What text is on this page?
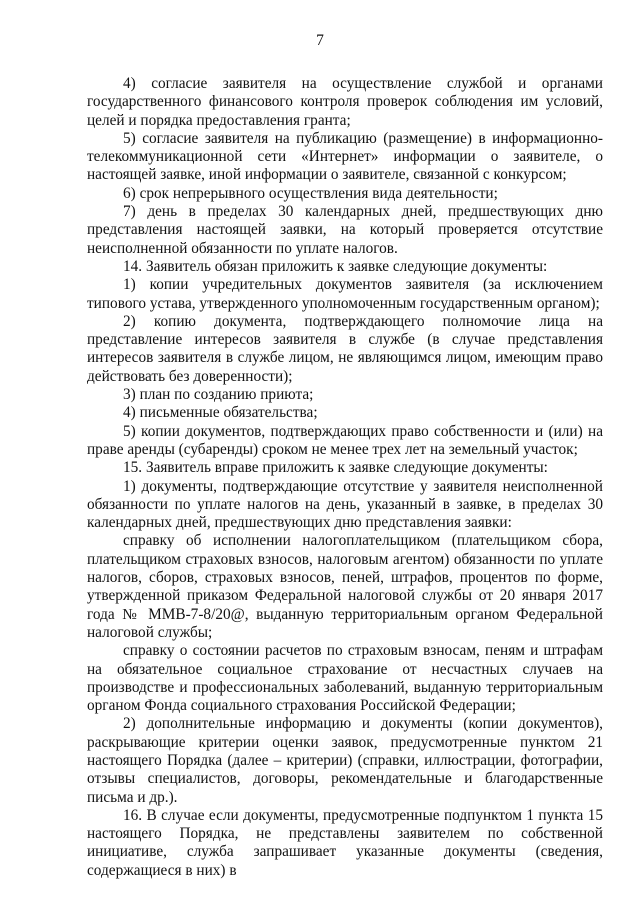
7

4) согласие заявителя на осуществление службой и органами государственного финансового контроля проверок соблюдения им условий, целей и порядка предоставления гранта;

5) согласие заявителя на публикацию (размещение) в информационно-телекоммуникационной сети «Интернет» информации о заявителе, о настоящей заявке, иной информации о заявителе, связанной с конкурсом;

6) срок непрерывного осуществления вида деятельности;

7) день в пределах 30 календарных дней, предшествующих дню представления настоящей заявки, на который проверяется отсутствие неисполненной обязанности по уплате налогов.

14. Заявитель обязан приложить к заявке следующие документы:

1) копии учредительных документов заявителя (за исключением типового устава, утвержденного уполномоченным государственным органом);

2) копию документа, подтверждающего полномочие лица на представление интересов заявителя в службе (в случае представления интересов заявителя в службе лицом, не являющимся лицом, имеющим право действовать без доверенности);

3) план по созданию приюта;

4) письменные обязательства;

5) копии документов, подтверждающих право собственности и (или) на праве аренды (субаренды) сроком не менее трех лет на земельный участок;

15. Заявитель вправе приложить к заявке следующие документы:

1) документы, подтверждающие отсутствие у заявителя неисполненной обязанности по уплате налогов на день, указанный в заявке, в пределах 30 календарных дней, предшествующих дню представления заявки:

справку об исполнении налогоплательщиком (плательщиком сбора, плательщиком страховых взносов, налоговым агентом) обязанности по уплате налогов, сборов, страховых взносов, пеней, штрафов, процентов по форме, утвержденной приказом Федеральной налоговой службы от 20 января 2017 года № ММВ-7-8/20@, выданную территориальным органом Федеральной налоговой службы;

справку о состоянии расчетов по страховым взносам, пеням и штрафам на обязательное социальное страхование от несчастных случаев на производстве и профессиональных заболеваний, выданную территориальным органом Фонда социального страхования Российской Федерации;

2) дополнительные информацию и документы (копии документов), раскрывающие критерии оценки заявок, предусмотренные пунктом 21 настоящего Порядка (далее – критерии) (справки, иллюстрации, фотографии, отзывы специалистов, договоры, рекомендательные и благодарственные письма и др.).

16. В случае если документы, предусмотренные подпунктом 1 пункта 15 настоящего Порядка, не представлены заявителем по собственной инициативе, служба запрашивает указанные документы (сведения, содержащиеся в них) в
